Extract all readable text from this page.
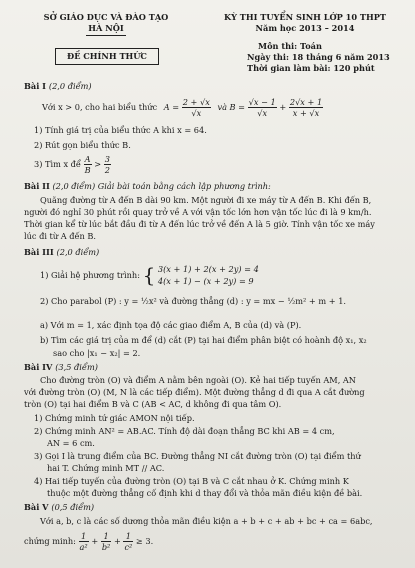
SỞ GIÁO DỤC VÀ ĐÀO TẠO
HÀ NỘI
ĐỀ CHÍNH THỨC
KỲ THI TUYỂN SINH LỚP 10 THPT
Năm học 2013 – 2014
Môn thi: Toán
Ngày thi: 18 tháng 6 năm 2013
Thời gian làm bài: 120 phút
Bài I (2,0 điểm)
Với x > 0, cho hai biểu thức $A = \frac{2 + √x}{√x}$ và $B = \frac{√x - 1}{√x} + \frac{2√x + 1}{x + √x}$
1) Tính giá trị của biểu thức A khi x = 64.
2) Rút gọn biểu thức B.
3) Tìm x để $\frac{A}{B} > \frac{3}{2}$
Bài II (2,0 điểm) Giải bài toán bằng cách lập phương trình:
Quãng đường từ A đến B dài 90 km. Một người đi xe máy từ A đến B. Khi đến B,
người đó nghỉ 30 phút rồi quay trở về A với vận tốc lớn hơn vận tốc lúc đi là 9 km/h.
Thời gian kể từ lúc bắt đầu đi từ A đến lúc trở về đến A là 5 giờ. Tính vận tốc xe máy
lúc đi từ A đến B.
Bài III (2,0 điểm)
1) Giải hệ phương trình: { 3(x + 1) + 2(x + 2y) = 4
4(x + 1) − (x + 2y) = 9
2) Cho parabol (P) : y = ½x² và đường thẳng (d) : y = mx − ½m² + m + 1.
a) Với m = 1, xác định tọa độ các giao điểm A, B của (d) và (P).
b) Tìm các giá trị của m để (d) cắt (P) tại hai điểm phân biệt có hoành độ x₁, x₂
sao cho |x₁ − x₂| = 2.
Bài IV (3,5 điểm)
Cho đường tròn (O) và điểm A nằm bên ngoài (O). Kẻ hai tiếp tuyến AM, AN
với đường tròn (O) (M, N là các tiếp điểm). Một đường thẳng d đi qua A cắt đường
tròn (O) tại hai điểm B và C (AB < AC, d không đi qua tâm O).
1) Chứng minh tứ giác AMON nội tiếp.
2) Chứng minh AN² = AB.AC. Tính độ dài đoạn thẳng BC khi AB = 4 cm,
AN = 6 cm.
3) Gọi I là trung điểm của BC. Đường thẳng NI cắt đường tròn (O) tại điểm thứ
hai T. Chứng minh MT // AC.
4) Hai tiếp tuyến của đường tròn (O) tại B và C cắt nhau ở K. Chứng minh K
thuộc một đường thẳng cố định khi d thay đổi và thỏa mãn điều kiện đề bài.
Bài V (0,5 điểm)
Với a, b, c là các số dương thỏa mãn điều kiện a + b + c + ab + bc + ca = 6abc,
chứng minh: $\frac{1}{\text{a²}} + \frac{1}{\text{b²}} + \frac{1}{\text{c²}} \ge 3$.
